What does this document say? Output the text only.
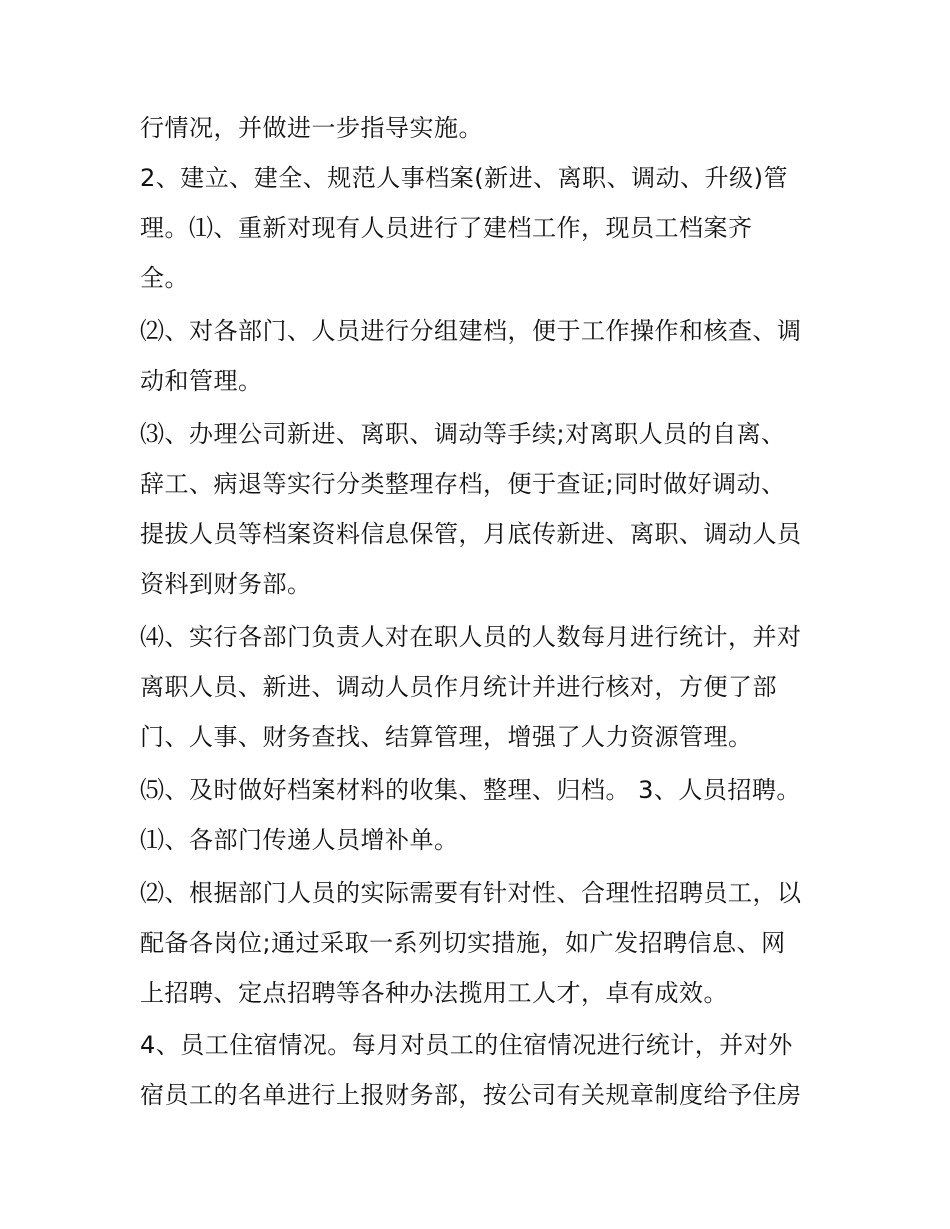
行情况，并做进一步指导实施。
2、建立、建全、规范人事档案(新进、离职、调动、升级)管
理。⑴、重新对现有人员进行了建档工作，现员工档案齐
全。
⑵、对各部门、人员进行分组建档，便于工作操作和核查、调
动和管理。
⑶、办理公司新进、离职、调动等手续;对离职人员的自离、
辞工、病退等实行分类整理存档，便于查证;同时做好调动、
提拔人员等档案资料信息保管，月底传新进、离职、调动人员
资料到财务部。
⑷、实行各部门负责人对在职人员的人数每月进行统计，并对
离职人员、新进、调动人员作月统计并进行核对，方便了部
门、人事、财务查找、结算管理，增强了人力资源管理。
⑸、及时做好档案材料的收集、整理、归档。 3、人员招聘。
⑴、各部门传递人员增补单。
⑵、根据部门人员的实际需要有针对性、合理性招聘员工，以
配备各岗位;通过采取一系列切实措施，如广发招聘信息、网
上招聘、定点招聘等各种办法揽用工人才，卓有成效。
4、员工住宿情况。每月对员工的住宿情况进行统计，并对外
宿员工的名单进行上报财务部，按公司有关规章制度给予住房
